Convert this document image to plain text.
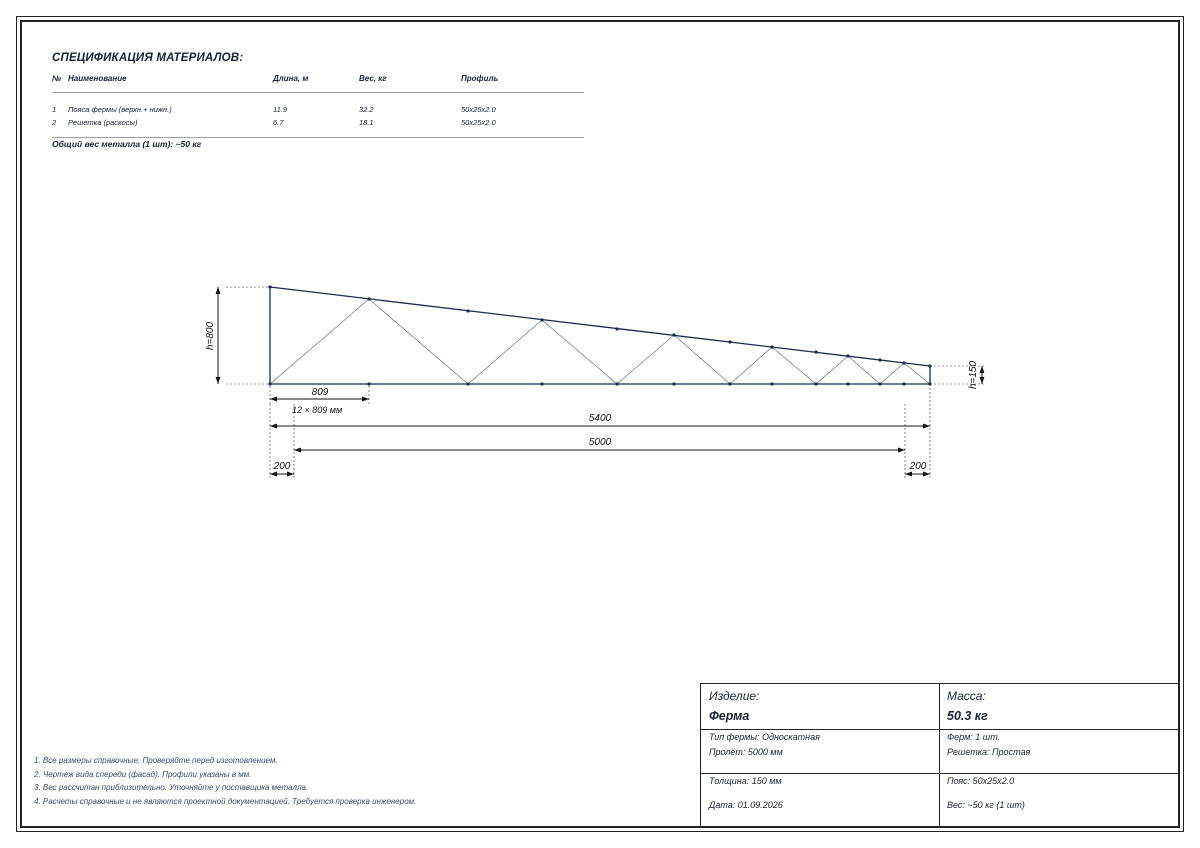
СПЕЦИФИКАЦИЯ МАТЕРИАЛОВ:
№ Наименование	Длина, м	Вес, кг	Профиль
1 Пояса фермы (верхн.+ нижн.)	11.9	32.2	50x25x2.0
2 Решетка (раскосы)	6.7	18.1	50x25x2.0

Общий вес металла (1 шт): ~50 кг

h=800
h=150
809
12 × 809 мм
5400
5000
200	200
1. Все размеры справочные. Проверяйте перед изготовлением.
2. Чертеж вида спереди (фасад). Профили указаны в мм.
3. Вес рассчитан приблизительно. Уточняйте у поставщика металла.
4. Расчеты справочные и не являются проектной документацией. Требуется проверка инженером.
Изделие:
Ферма
Масса:
50.3 кг
Тип фермы: Односкатная
Пролёт: 5000 мм
Ферм: 1 шт.
Решетка: Простая
Толщина: 150 мм	Пояс: 50x25x2.0
Дата: 01.09.2026	Вес: ~50 кг (1 шт)
